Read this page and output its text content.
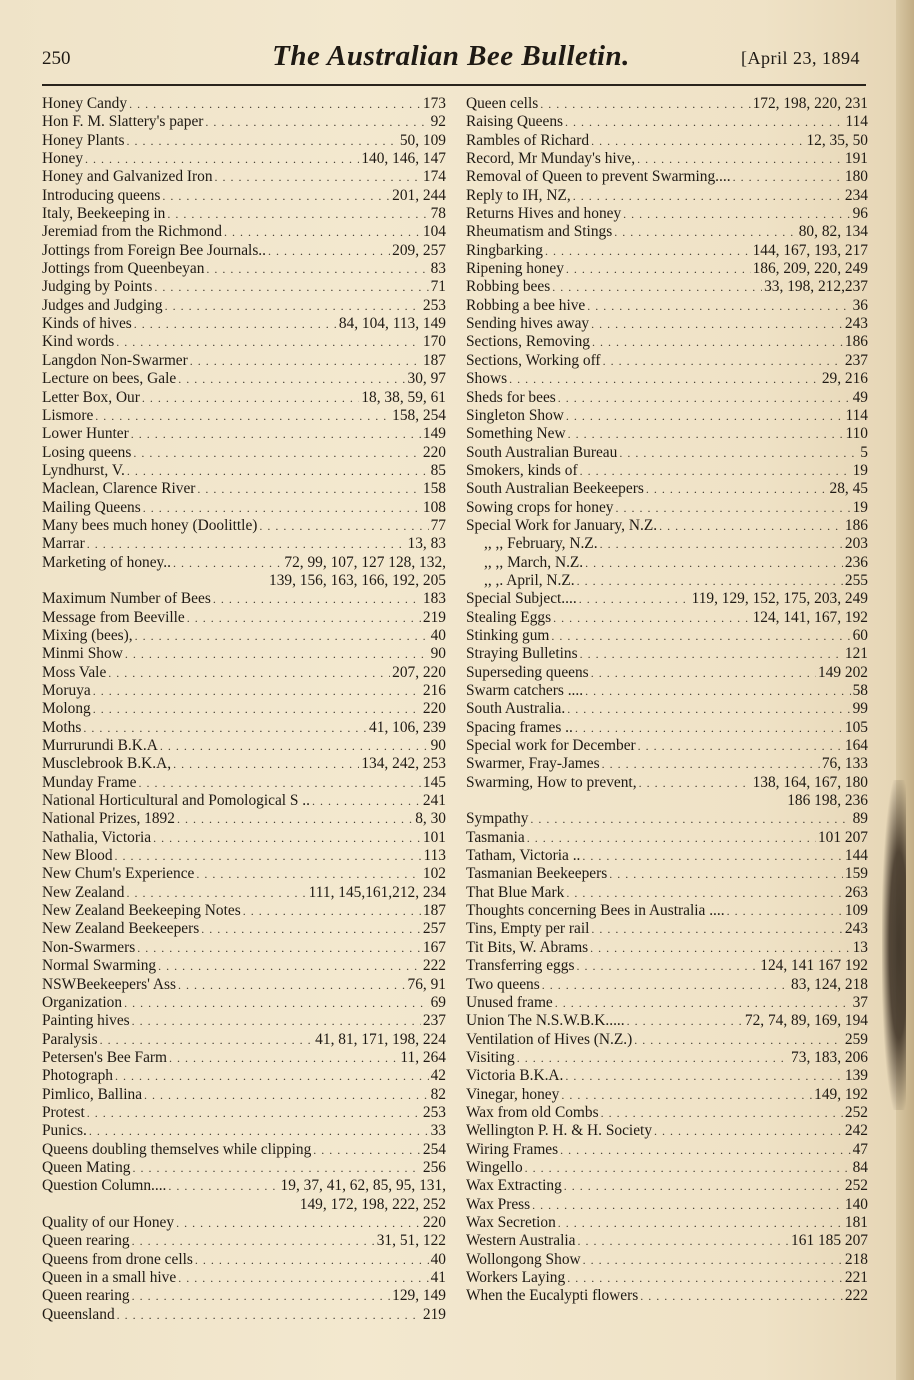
250	The Australian Bee Bulletin.	[April 23, 1894
Honey Candy . . .	173
Hon F. M. Slattery's paper . . .	92
Honey Plants . . .	50, 109
Honey . . .	140, 146, 147
Honey and Galvanized Iron . . .	174
Introducing queens . . .	201, 244
Italy, Beekeeping in . . .	78
Jeremiad from the Richmond . . .	104
Jottings from Foreign Bee Journals.. . . .	209, 257
Jottings from Queenbeyan . . .	83
Judging by Points . . .	71
Judges and Judging . . .	253
Kinds of hives . . .	84, 104, 113, 149
Kind words . . .	170
Langdon Non-Swarmer . . .	187
Lecture on bees, Gale . . .	30, 97
Letter Box, Our . . .	18, 38, 59, 61
Lismore . . .	158, 254
Lower Hunter . . .	149
Losing queens . . .	220
Lyndhurst, V. . . .	85
Maclean, Clarence River . . .	158
Mailing Queens . . .	108
Many bees much honey (Doolittle) . . .	77
Marrar . . .	13, 83
Marketing of honey.. . . .	72, 99, 107, 127 128, 132,
139, 156, 163, 166, 192, 205
Maximum Number of Bees . . .	183
Message from Beeville . . .	219
Mixing (bees), . . .	40
Minmi Show . . .	90
Moss Vale . . .	207, 220
Moruya . . .	216
Molong . . .	220
Moths . . .	41, 106, 239
Murrurundi B.K.A . . .	90
Musclebrook B.K.A, . . .	134, 242, 253
Munday Frame . . .	145
National Horticultural and Pomological S .. . . .	241
National Prizes, 1892 . . .	8, 30
Nathalia, Victoria . . .	101
New Blood . . .	113
New Chum's Experience . . .	102
New Zealand . . .	111, 145,161,212, 234
New Zealand Beekeeping Notes . . .	187
New Zealand Beekeepers . . .	257
Non-Swarmers . . .	167
Normal Swarming . . .	222
NSWBeekeepers' Ass . . .	76, 91
Organization . . .	69
Painting hives . . .	237
Paralysis . . .	41, 81, 171, 198, 224
Petersen's Bee Farm . . .	11, 264
Photograph . . .	42
Pimlico, Ballina . . .	82
Protest . . .	253
Punics. . . .	33
Queens doubling themselves while clipping . . .	254
Queen Mating . . .	256
Question Column.... . . .	19, 37, 41, 62, 85, 95, 131,
149, 172, 198, 222, 252
Quality of our Honey . . .	220
Queen rearing . . .	31, 51, 122
Queens from drone cells . . .	40
Queen in a small hive . . .	41
Queen rearing . . .	129, 149
Queensland . . .	219
Queen cells . . .	172, 198, 220, 231
Raising Queens . . .	114
Rambles of Richard . . .	12, 35, 50
Record, Mr Munday's hive, . . .	191
Removal of Queen to prevent Swarming.... . . .	180
Reply to IH, NZ, . . .	234
Returns Hives and honey . . .	96
Rheumatism and Stings . . .	80, 82, 134
Ringbarking . . .	144, 167, 193, 217
Ripening honey . . .	186, 209, 220, 249
Robbing bees . . .	33, 198, 212,237
Robbing a bee hive . . .	36
Sending hives away . . .	243
Sections, Removing . . .	186
Sections, Working off . . .	237
Shows . . .	29, 216
Sheds for bees . . .	49
Singleton Show . . .	114
Something New . . .	110
South Australian Bureau . . .	5
Smokers, kinds of . . .	19
South Australian Beekeepers . . .	28, 45
Sowing crops for honey . . .	19
Special Work for January, N.Z. . . .	186
,, ,, February, N.Z. . . .	203
,, ,, March, N.Z. . . .	236
,, ,. April, N.Z. . . .	255
Special Subject.... . . .	119, 129, 152, 175, 203, 249
Stealing Eggs . . .	124, 141, 167, 192
Stinking gum . . .	60
Straying Bulletins . . .	121
Superseding queens . . .	149 202
Swarm catchers .... . . .	58
South Australia. . . .	99
Spacing frames .. . . .	105
Special work for December . . .	164
Swarmer, Fray-James . . .	76, 133
Swarming, How to prevent, . . .	138, 164, 167, 180
186 198, 236
Sympathy . . .	89
Tasmania . . .	101 207
Tatham, Victoria .. . . .	144
Tasmanian Beekeepers . . .	159
That Blue Mark . . .	263
Thoughts concerning Bees in Australia .... . . .	109
Tins, Empty per rail . . .	243
Tit Bits, W. Abrams . . .	13
Transferring eggs . . .	124, 141 167 192
Two queens . . .	83, 124, 218
Unused frame . . .	37
Union The N.S.W.B.K..... . . .	72, 74, 89, 169, 194
Ventilation of Hives (N.Z.) . . .	259
Visiting . . .	73, 183, 206
Victoria B.K.A. . . .	139
Vinegar, honey . . .	149, 192
Wax from old Combs . . .	252
Wellington P. H. & H. Society . . .	242
Wiring Frames . . .	47
Wingello . . .	84
Wax Extracting . . .	252
Wax Press . . .	140
Wax Secretion . . .	181
Western Australia . . .	161 185 207
Wollongong Show . . .	218
Workers Laying . . .	221
When the Eucalypti flowers . . .	222
